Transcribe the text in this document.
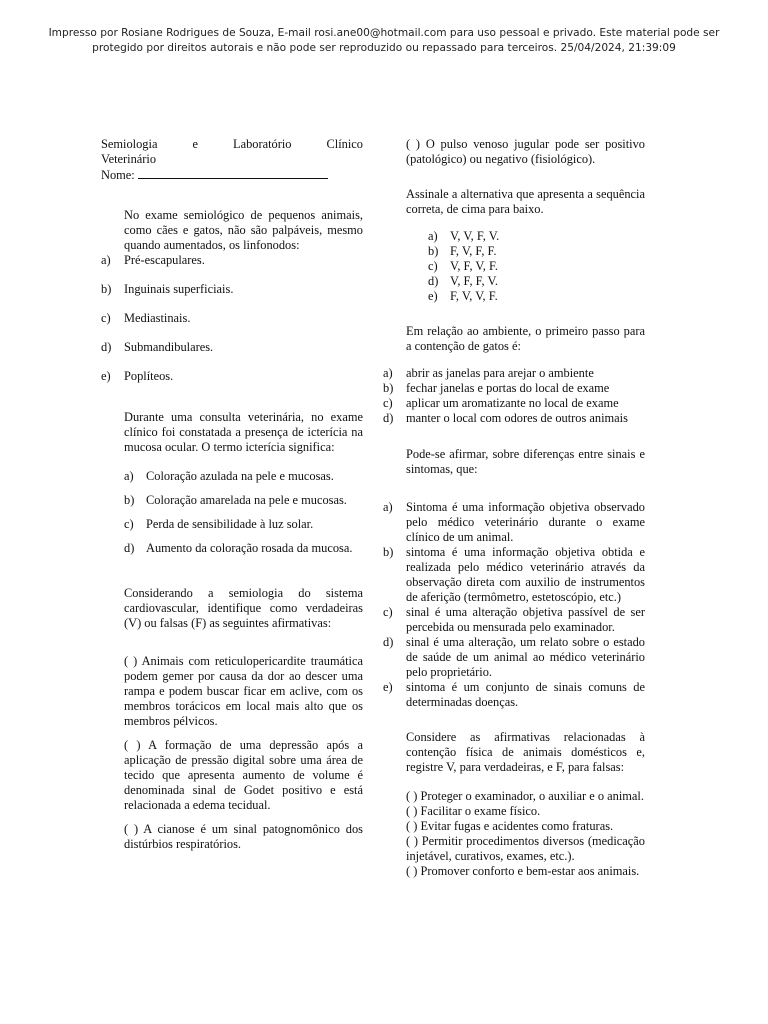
Impresso por Rosiane Rodrigues de Souza, E-mail rosi.ane00@hotmail.com para uso pessoal e privado. Este material pode ser
protegido por direitos autorais e não pode ser reproduzido ou repassado para terceiros. 25/04/2024, 21:39:09

Semiologia e Laboratório Clínico

Veterinário

Nome:

No exame semiológico de pequenos animais, como cães e gatos, não são palpáveis, mesmo quando aumentados, os linfonodos:

a)	Pré-escapulares.
b)	Inguinais superficiais.
c)	Mediastinais.
d)	Submandibulares.
e)	Poplíteos.

Durante uma consulta veterinária, no exame clínico foi constatada a presença de icterícia na mucosa ocular. O termo icterícia significa:

a) Coloração azulada na pele e mucosas.
b) Coloração amarelada na pele e mucosas.
c) Perda de sensibilidade à luz solar.
d) Aumento da coloração rosada da mucosa.

Considerando a semiologia do sistema cardiovascular, identifique como verdadeiras (V) ou falsas (F) as seguintes afirmativas:

( ) Animais com reticulopericardite traumática podem gemer por causa da dor ao descer uma rampa e podem buscar ficar em aclive, com os membros torácicos em local mais alto que os membros pélvicos.

( ) A formação de uma depressão após a aplicação de pressão digital sobre uma área de tecido que apresenta aumento de volume é denominada sinal de Godet positivo e está relacionada a edema tecidual.

( ) A cianose é um sinal patognomônico dos distúrbios respiratórios.

( ) O pulso venoso jugular pode ser positivo (patológico) ou negativo (fisiológico).

Assinale a alternativa que apresenta a sequência correta, de cima para baixo.

a) V, V, F, V.
b) F, V, F, F.
c) V, F, V, F.
d) V, F, F, V.
e) F, V, V, F.

Em relação ao ambiente, o primeiro passo para a contenção de gatos é:

a)	abrir as janelas para arejar o ambiente
b)	fechar janelas e portas do local de exame
c)	aplicar um aromatizante no local de exame
d)	manter o local com odores de outros animais

Pode-se afirmar, sobre diferenças entre sinais e sintomas, que:

a)	Sintoma é uma informação objetiva observado pelo médico veterinário durante o exame clínico de um animal.
b)	sintoma é uma informação objetiva obtida e realizada pelo médico veterinário através da observação direta com auxilio de instrumentos de aferição (termômetro, estetoscópio, etc.)
c)	sinal é uma alteração objetiva passível de ser percebida ou mensurada pelo examinador.
d)	sinal é uma alteração, um relato sobre o estado de saúde de um animal ao médico veterinário pelo proprietário.
e)	sintoma é um conjunto de sinais comuns de determinadas doenças.

Considere as afirmativas relacionadas à contenção física de animais domésticos e, registre V, para verdadeiras, e F, para falsas:

( ) Proteger o examinador, o auxiliar e o animal.

( ) Facilitar o exame físico.

( ) Evitar fugas e acidentes como fraturas.

( ) Permitir procedimentos diversos (medicação injetável, curativos, exames, etc.).

( ) Promover conforto e bem-estar aos animais.
